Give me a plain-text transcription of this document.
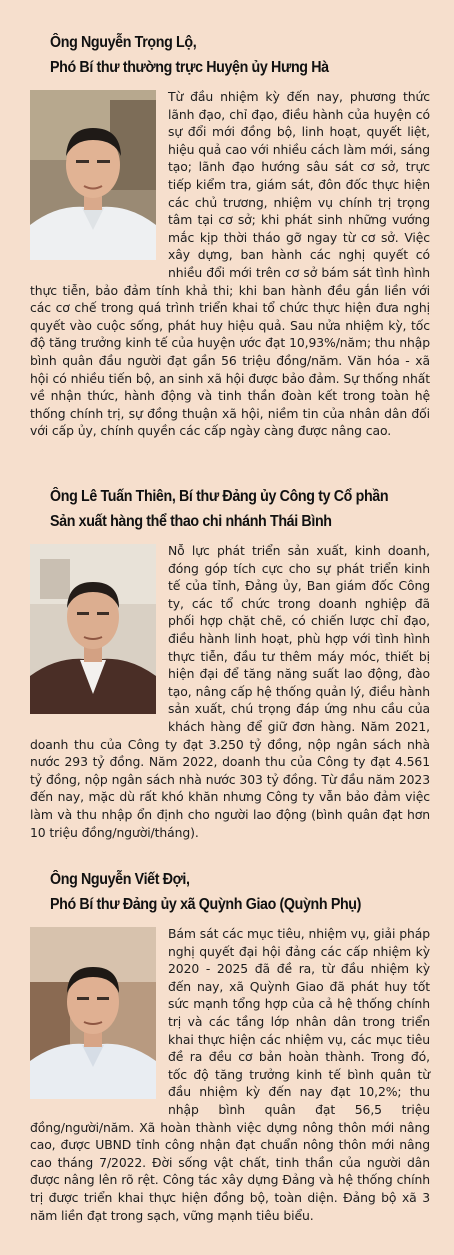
Ông Nguyễn Trọng Lộ,
Phó Bí thư thường trực Huyện ủy Hưng Hà
Từ đầu nhiệm kỳ đến nay, phương thức lãnh đạo, chỉ đạo, điều hành của huyện có sự đổi mới đồng bộ, linh hoạt, quyết liệt, hiệu quả cao với nhiều cách làm mới, sáng tạo; lãnh đạo hướng sâu sát cơ sở, trực tiếp kiểm tra, giám sát, đôn đốc thực hiện các chủ trương, nhiệm vụ chính trị trọng tâm tại cơ sở; khi phát sinh những vướng mắc kịp thời tháo gỡ ngay từ cơ sở. Việc xây dựng, ban hành các nghị quyết có nhiều đổi mới trên cơ sở bám sát tình hình thực tiễn, bảo đảm tính khả thi; khi ban hành đều gắn liền với các cơ chế trong quá trình triển khai tổ chức thực hiện đưa nghị quyết vào cuộc sống, phát huy hiệu quả. Sau nửa nhiệm kỳ, tốc độ tăng trưởng kinh tế của huyện ước đạt 10,93%/năm; thu nhập bình quân đầu người đạt gần 56 triệu đồng/năm. Văn hóa - xã hội có nhiều tiến bộ, an sinh xã hội được bảo đảm. Sự thống nhất về nhận thức, hành động và tinh thần đoàn kết trong toàn hệ thống chính trị, sự đồng thuận xã hội, niềm tin của nhân dân đối với cấp ủy, chính quyền các cấp ngày càng được nâng cao.
Ông Lê Tuấn Thiên, Bí thư Đảng ủy Công ty Cổ phần
Sản xuất hàng thể thao chi nhánh Thái Bình
Nỗ lực phát triển sản xuất, kinh doanh, đóng góp tích cực cho sự phát triển kinh tế của tỉnh, Đảng ủy, Ban giám đốc Công ty, các tổ chức trong doanh nghiệp đã phối hợp chặt chẽ, có chiến lược chỉ đạo, điều hành linh hoạt, phù hợp với tình hình thực tiễn, đầu tư thêm máy móc, thiết bị hiện đại để tăng năng suất lao động, đào tạo, nâng cấp hệ thống quản lý, điều hành sản xuất, chú trọng đáp ứng nhu cầu của khách hàng để giữ đơn hàng. Năm 2021, doanh thu của Công ty đạt 3.250 tỷ đồng, nộp ngân sách nhà nước 293 tỷ đồng. Năm 2022, doanh thu của Công ty đạt 4.561 tỷ đồng, nộp ngân sách nhà nước 303 tỷ đồng. Từ đầu năm 2023 đến nay, mặc dù rất khó khăn nhưng Công ty vẫn bảo đảm việc làm và thu nhập ổn định cho người lao động (bình quân đạt hơn 10 triệu đồng/người/tháng).
Ông Nguyễn Viết Đợi,
Phó Bí thư Đảng ủy xã Quỳnh Giao (Quỳnh Phụ)
Bám sát các mục tiêu, nhiệm vụ, giải pháp nghị quyết đại hội đảng các cấp nhiệm kỳ 2020 - 2025 đã đề ra, từ đầu nhiệm kỳ đến nay, xã Quỳnh Giao đã phát huy tốt sức mạnh tổng hợp của cả hệ thống chính trị và các tầng lớp nhân dân trong triển khai thực hiện các nhiệm vụ, các mục tiêu đề ra đều cơ bản hoàn thành. Trong đó, tốc độ tăng trưởng kinh tế bình quân từ đầu nhiệm kỳ đến nay đạt 10,2%; thu nhập bình quân đạt 56,5 triệu đồng/người/năm. Xã hoàn thành việc dựng nông thôn mới nâng cao, được UBND tỉnh công nhận đạt chuẩn nông thôn mới nâng cao tháng 7/2022. Đời sống vật chất, tinh thần của người dân được nâng lên rõ rệt. Công tác xây dựng Đảng và hệ thống chính trị được triển khai thực hiện đồng bộ, toàn diện. Đảng bộ xã 3 năm liền đạt trong sạch, vững mạnh tiêu biểu.
